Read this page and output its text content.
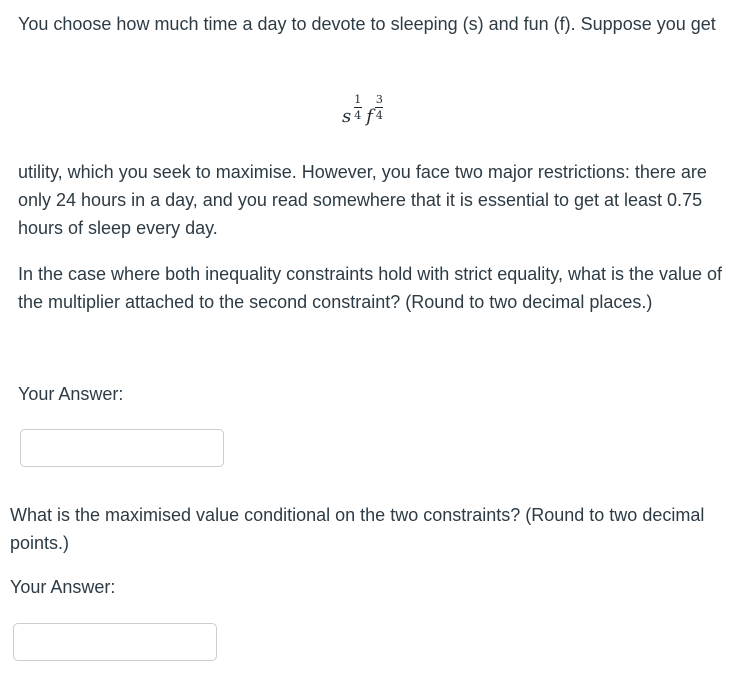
You choose how much time a day to devote to sleeping (s) and fun (f). Suppose you get

s $\frac{1}{4}$ f $\frac{3}{4}$

utility, which you seek to maximise. However, you face two major restrictions: there are only 24 hours in a day, and you read somewhere that it is essential to get at least 0.75 hours of sleep every day.

In the case where both inequality constraints hold with strict equality, what is the value of the multiplier attached to the second constraint? (Round to two decimal places.)

Your Answer:

What is the maximised value conditional on the two constraints? (Round to two decimal points.)

Your Answer:
